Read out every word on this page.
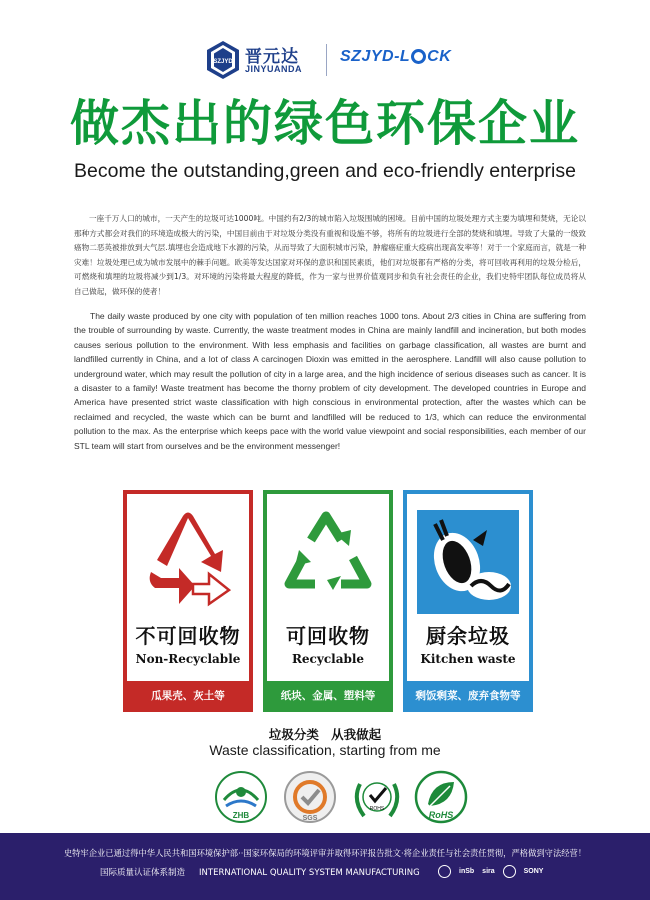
SZJYD 晋元达
JINYUANDA
SZJYD-L CK
做杰出的绿色环保企业
Become the outstanding,green and eco-friendly enterprise

一座千万人口的城市，一天产生的垃圾可达1000吨。中国约有2/3的城市陷入垃圾围城的困境。目前中国的垃圾处理方式主要为填埋和焚烧，无论以那种方式都会对我们的环境造成极大的污染，中国目前由于对垃圾分类没有重视和设施不够，将所有的垃圾进行全部的焚烧和填埋。导致了大量的一级致癌物二恶英被排放到大气层.填埋也会造成地下水源的污染，从而导致了大面积城市污染，肿瘤癌症重大疫病出现高发率等！对于一个家庭而言，就是一种灾难！垃圾处理已成为城市发展中的棘手问题。欧美等发达国家对环保的意识和国民素质，他们对垃圾都有严格的分类，将可回收再利用的垃圾分检后，可燃烧和填埋的垃圾将减少到1/3。对环境的污染将最大程度的降低，作为一家与世界价值观同步和负有社会责任的企业，我们史特牢团队每位成员将从自己做起，做环保的使者！

The daily waste produced by one city with population of ten million reaches 1000 tons. About 2/3 cities in China are suffering from the trouble of surrounding by waste. Currently, the waste treatment modes in China are mainly landfill and incineration, but both modes causes serious pollution to the environment. With less emphasis and facilities on garbage classification, all wastes are burnt and landfilled currently in China, and a lot of class A carcinogen Dioxin was emitted in the aerosphere. Landfill will also cause pollution to underground water, which may result the pollution of city in a large area, and the high incidence of serious diseases such as cancer. It is a disaster to a family! Waste treatment has become the thorny problem of city development. The developed countries in Europe and America have presented strict waste classification with high conscious in environmental protection, after the wastes which can be reclaimed and recycled, the waste which can be burnt and landfilled will be reduced to 1/3, which can reduce the environmental pollution to the max. As the enterprise which keeps pace with the world value viewpoint and social responsibilities, each member of our STL team will start from ourselves and be the environment messenger!

不可回收物
Non-Recyclable
瓜果壳、灰土等
可回收物
Recyclable
纸块、金属、塑料等
厨余垃圾
Kitchen waste
剩饭剩菜、废弃食物等
垃圾分类 从我做起
Waste classification, starting from me
ZHB	SGS
ROHS
RoHS
史特牢企业已通过得中华人民共和国环境保护部··国家环保局的环境评审并取得环评报告批文·将企业责任与社会责任贯彻，严格做到守法经营！
国际质量认证体系制造 INTERNATIONAL QUALITY SYSTEM MANUFACTURING	inSb sira	SONY
